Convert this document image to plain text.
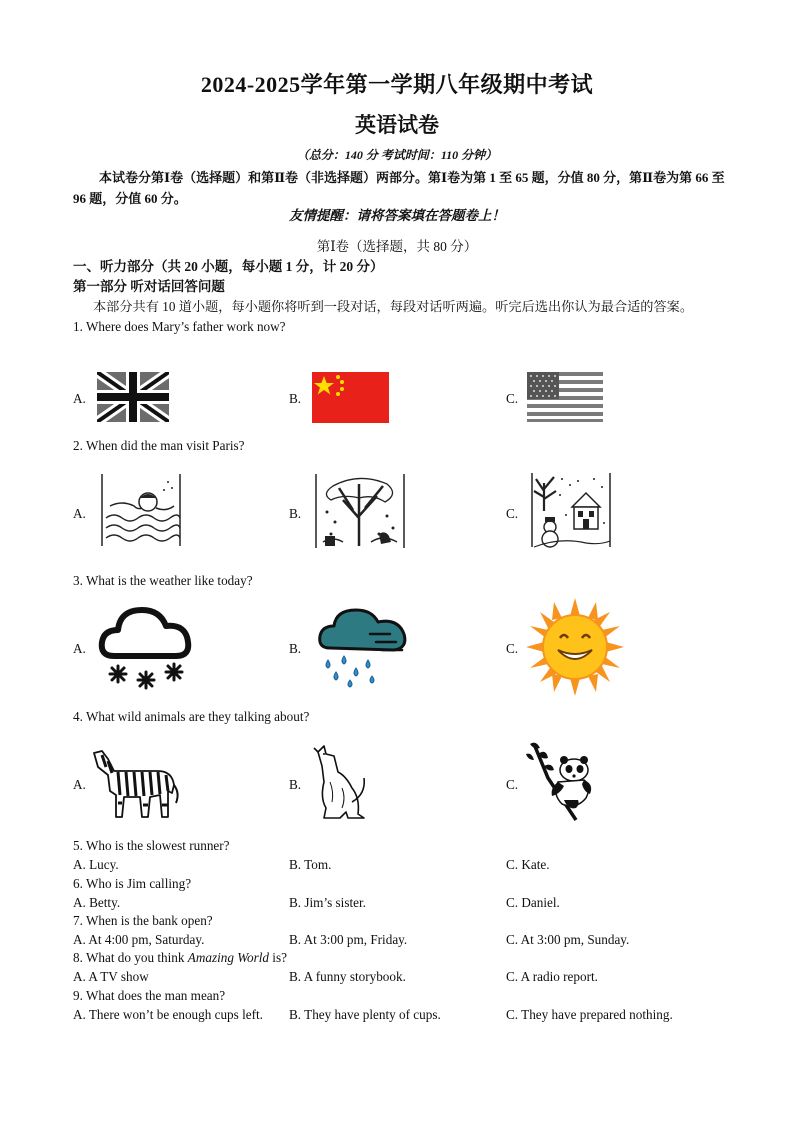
2024-2025学年第一学期八年级期中考试
英语试卷
（总分：140 分 考试时间：110 分钟）
本试卷分第Ⅰ卷（选择题）和第Ⅱ卷（非选择题）两部分。第Ⅰ卷为第 1 至 65 题，分值 80 分，第Ⅱ卷为第 66 至 96 题，分值 60 分。
友情提醒：请将答案填在答题卷上！
第Ⅰ卷（选择题，共 80 分）
一、听力部分（共 20 小题，每小题 1 分，计 20 分）
第一部分 听对话回答问题
本部分共有 10 道小题，每小题你将听到一段对话，每段对话听两遍。听完后选出你认为最合适的答案。
1. Where does Mary’s father work now?
A.	B.	C.
2. When did the man visit Paris?
A.	B.	C.
3. What is the weather like today?
A.	B.	C.
4. What wild animals are they talking about?
A.	B.	C.
5. Who is the slowest runner?
A. Lucy.	B. Tom.	C. Kate.
6. Who is Jim calling?
A. Betty.	B. Jim’s sister.	C. Daniel.
7. When is the bank open?
A. At 4:00 pm, Saturday.	B. At 3:00 pm, Friday.	C. At 3:00 pm, Sunday.
8. What do you think Amazing World is?
A. A TV show	B. A funny storybook.	C. A radio report.
9. What does the man mean?
A. There won’t be enough cups left. B. They have plenty of cups.	C. They have prepared nothing.
